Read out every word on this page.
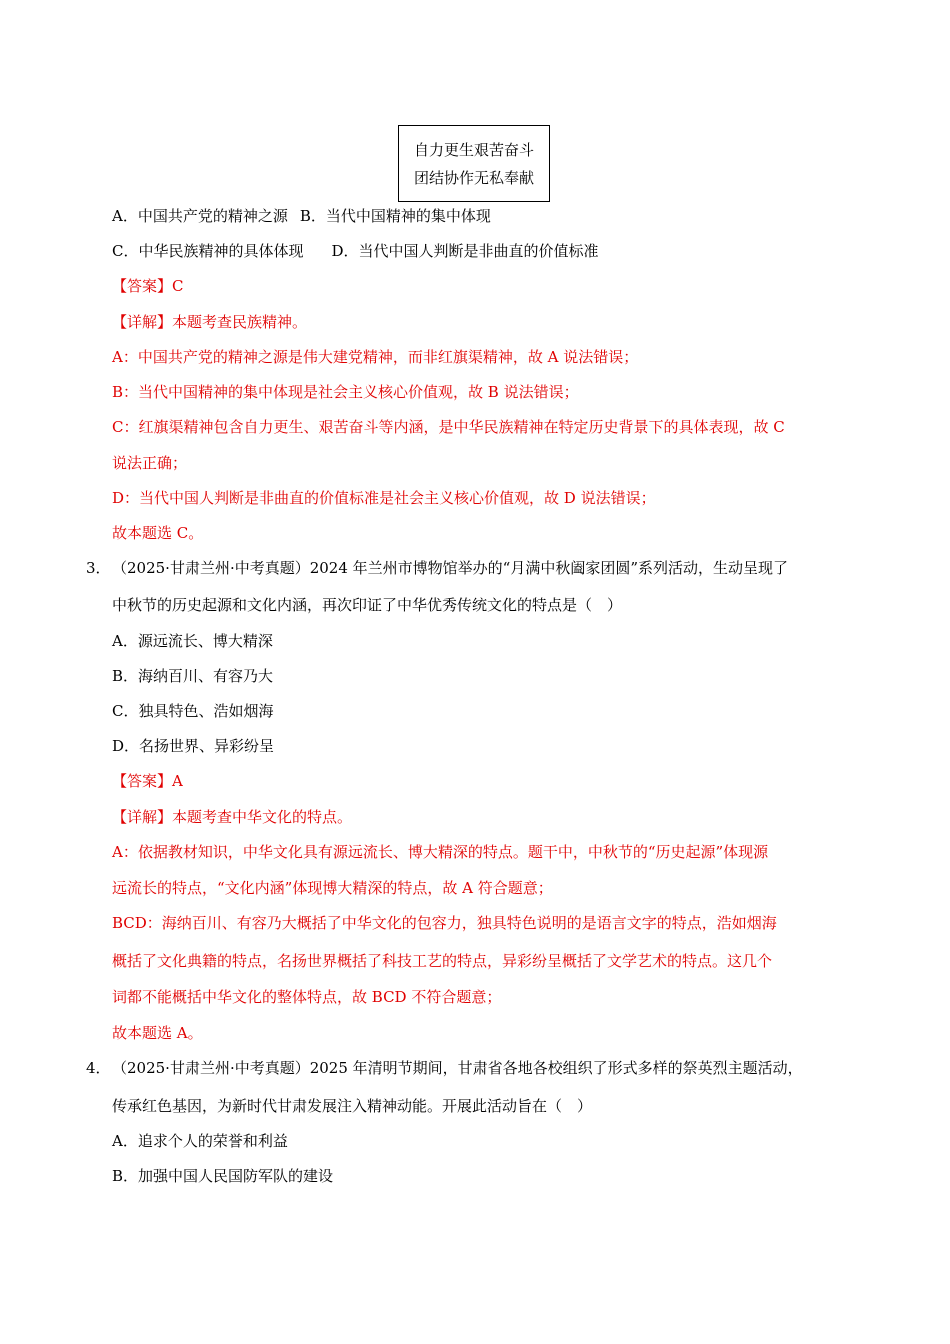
自力更生艰苦奋斗
团结协作无私奉献
A．中国共产党的精神之源 B．当代中国精神的集中体现
C．中华民族精神的具体体现 D．当代中国人判断是非曲直的价值标准
【答案】C
【详解】本题考查民族精神。
A：中国共产党的精神之源是伟大建党精神，而非红旗渠精神，故 A 说法错误；
B：当代中国精神的集中体现是社会主义核心价值观，故 B 说法错误；
C：红旗渠精神包含自力更生、艰苦奋斗等内涵，是中华民族精神在特定历史背景下的具体表现，故 C
说法正确；
D：当代中国人判断是非曲直的价值标准是社会主义核心价值观，故 D 说法错误；
故本题选 C。
3． （2025·甘肃兰州·中考真题）2024 年兰州市博物馆举办的“月满中秋阖家团圆”系列活动，生动呈现了
中秋节的历史起源和文化内涵，再次印证了中华优秀传统文化的特点是（　）
A．源远流长、博大精深
B．海纳百川、有容乃大
C．独具特色、浩如烟海
D．名扬世界、异彩纷呈
【答案】A
【详解】本题考查中华文化的特点。
A：依据教材知识，中华文化具有源远流长、博大精深的特点。题干中，中秋节的“历史起源”体现源
远流长的特点，“文化内涵”体现博大精深的特点，故 A 符合题意；
BCD：海纳百川、有容乃大概括了中华文化的包容力，独具特色说明的是语言文字的特点，浩如烟海
概括了文化典籍的特点，名扬世界概括了科技工艺的特点，异彩纷呈概括了文学艺术的特点。这几个
词都不能概括中华文化的整体特点，故 BCD 不符合题意；
故本题选 A。
4． （2025·甘肃兰州·中考真题）2025 年清明节期间，甘肃省各地各校组织了形式多样的祭英烈主题活动，
传承红色基因，为新时代甘肃发展注入精神动能。开展此活动旨在（　）
A．追求个人的荣誉和利益
B．加强中国人民国防军队的建设
